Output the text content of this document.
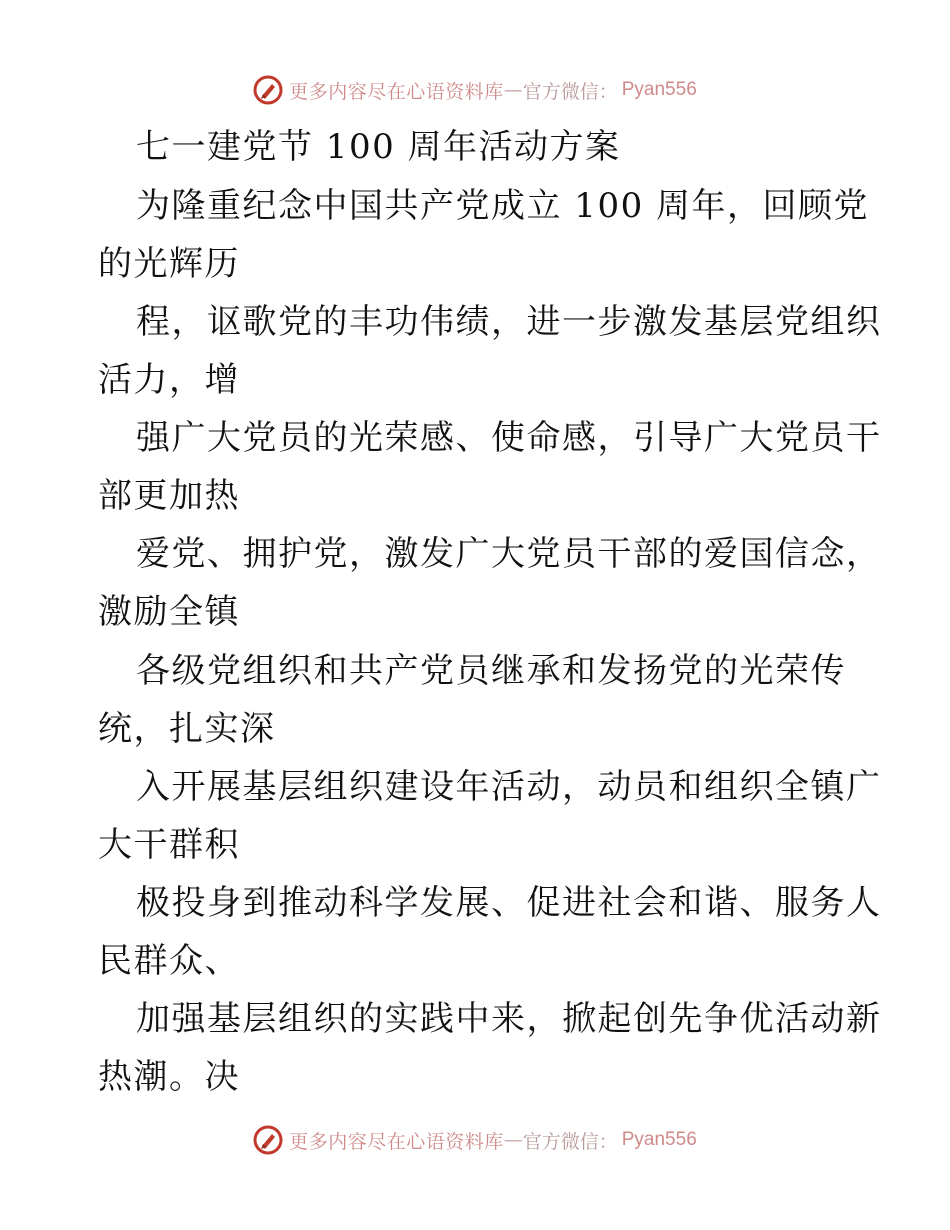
更多内容尽在心语资料库 — 官方微信： Pyan556
七一建党节 100 周年活动方案
为隆重纪念中国共产党成立 100 周年，回顾党
的光辉历
程，讴歌党的丰功伟绩，进一步激发基层党组织
活力，增
强广大党员的光荣感、使命感，引导广大党员干
部更加热
爱党、拥护党，激发广大党员干部的爱国信念，
激励全镇
各级党组织和共产党员继承和发扬党的光荣传
统，扎实深
入开展基层组织建设年活动，动员和组织全镇广
大干群积
极投身到推动科学发展、促进社会和谐、服务人
民群众、
加强基层组织的实践中来，掀起创先争优活动新
热潮。决
更多内容尽在心语资料库 — 官方微信： Pyan556
